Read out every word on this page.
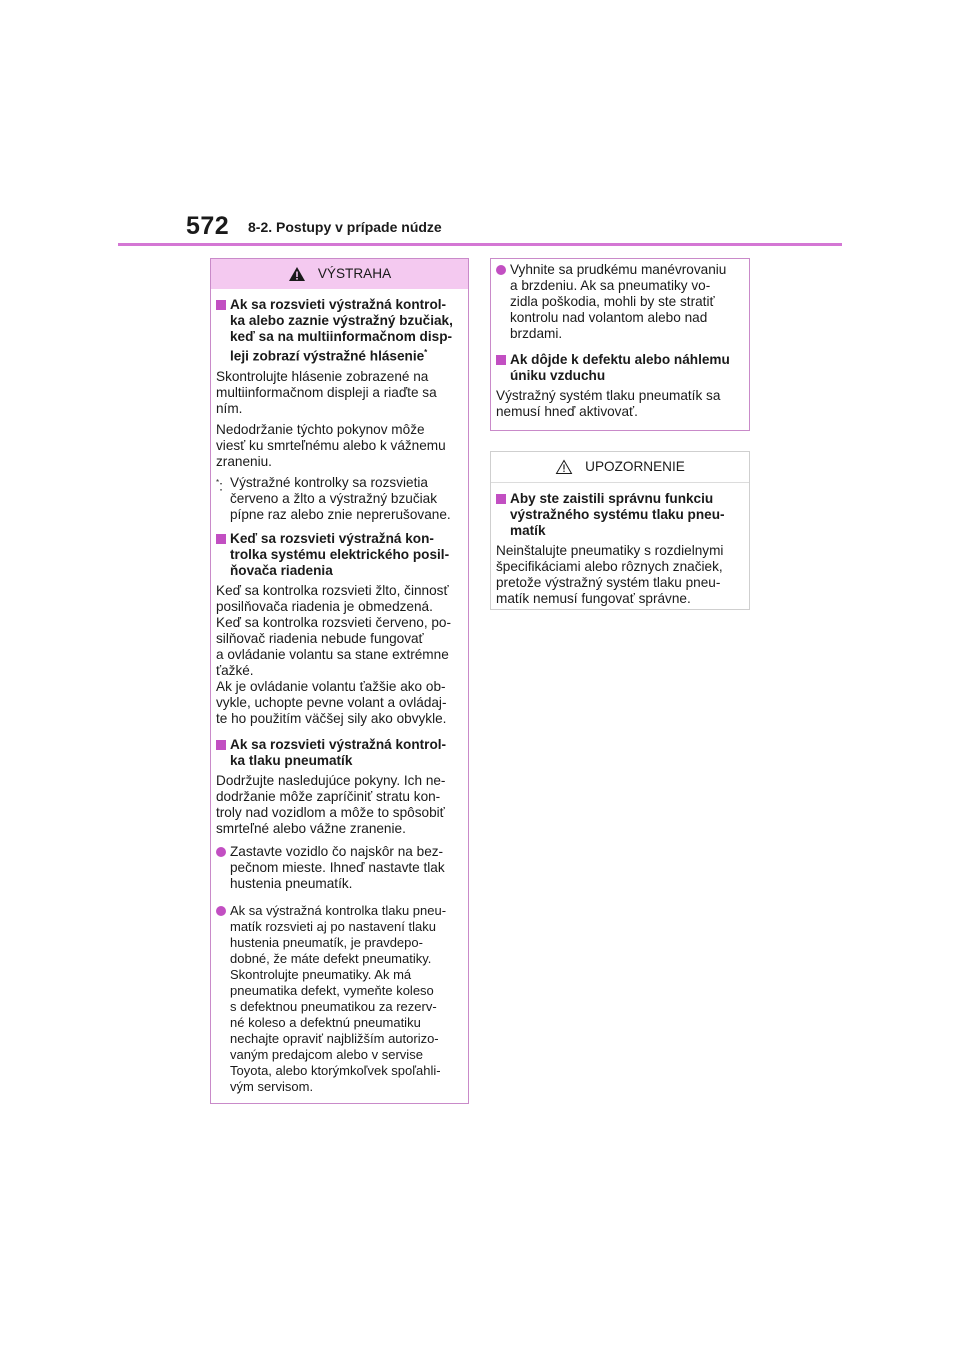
572 8-2. Postupy v prípade núdze
VÝSTRAHA
Ak sa rozsvieti výstražná kontrol-
ka alebo zaznie výstražný bzučiak,
keď sa na multiinformačnom disp-
leji zobrazí výstražné hlásenie*
Skontrolujte hlásenie zobrazené na
multiinformačnom displeji a riaďte sa
ním.
Nedodržanie týchto pokynov môže
viesť ku smrteľnému alebo k vážnemu
zraneniu.
*: Výstražné kontrolky sa rozsvietia
červeno a žlto a výstražný bzučiak
pípne raz alebo znie neprerušovane.
Keď sa rozsvieti výstražná kon-
trolka systému elektrického posil-
ňovača riadenia
Keď sa kontrolka rozsvieti žlto, činnosť
posilňovača riadenia je obmedzená.
Keď sa kontrolka rozsvieti červeno, po-
silňovač riadenia nebude fungovať
a ovládanie volantu sa stane extrémne
ťažké.
Ak je ovládanie volantu ťažšie ako ob-
vykle, uchopte pevne volant a ovládaj-
te ho použitím väčšej sily ako obvykle.
Ak sa rozsvieti výstražná kontrol-
ka tlaku pneumatík
Dodržujte nasledujúce pokyny. Ich ne-
dodržanie môže zapríčiniť stratu kon-
troly nad vozidlom a môže to spôsobiť
smrteľné alebo vážne zranenie.
Zastavte vozidlo čo najskôr na bez-
pečnom mieste. Ihneď nastavte tlak
hustenia pneumatík.
Ak sa výstražná kontrolka tlaku pneu-
matík rozsvieti aj po nastavení tlaku
hustenia pneumatík, je pravdepo-
dobné, že máte defekt pneumatiky.
Skontrolujte pneumatiky. Ak má
pneumatika defekt, vymeňte koleso
s defektnou pneumatikou za rezerv-
né koleso a defektnú pneumatiku
nechajte opraviť najbližším autorizo-
vaným predajcom alebo v servise
Toyota, alebo ktorýmkoľvek spoľahli-
vým servisom.
Vyhnite sa prudkému manévrovaniu
a brzdeniu. Ak sa pneumatiky vo-
zidla poškodia, mohli by ste stratiť
kontrolu nad volantom alebo nad
brzdami.
Ak dôjde k defektu alebo náhlemu
úniku vzduchu
Výstražný systém tlaku pneumatík sa
nemusí hneď aktivovať.
UPOZORNENIE
Aby ste zaistili správnu funkciu
výstražného systému tlaku pneu-
matík
Neinštalujte pneumatiky s rozdielnymi
špecifikáciami alebo rôznych značiek,
pretože výstražný systém tlaku pneu-
matík nemusí fungovať správne.
